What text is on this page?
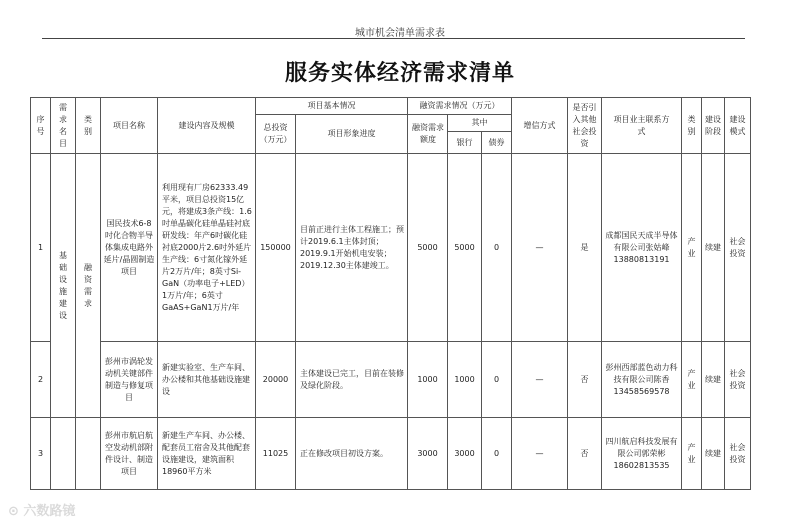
城市机会清单需求表
服务实体经济需求清单
序号	需求名目	类别	项目名称	建设内容及规模	项目基本情况		融资需求情况（万元）			增信方式	是否引入其他社会投资	项目业主联系方式	类别	建设阶段	建设模式
					总投资（万元）	项目形象进度	融资需求额度	其中							
								银行	债券						
1	基础设施建设	融资需求	国民技术6-8吋化合物半导体集成电路外延片/晶圆制造项目	利用现有厂房62333.49平米，项目总投资15亿元，将建成3条产线：1.6吋单晶碳化硅单晶硅衬底研发线：年产6吋碳化硅衬底2000片2.6吋外延片生产线：6寸氮化镓外延片2万片/年；8英寸Si-GaN（功率电子+LED）1万片/年；6英寸GaAS+GaN1万片/年	150000	目前正进行主体工程施工；预计2019.6.1主体封顶；2019.9.1开始机电安装；2019.12.30主体建竣工。	5000	5000	0	—	是	成都国民天成半导体有限公司张姑峰13880813191	产业	续建	社会投资
2			彭州市涡轮发动机关键部件制造与修复项目	新建实验室、生产车间、办公楼和其他基础设施建设	20000	主体建设已完工，目前在装修及绿化阶段。	1000	1000	0	—	否	彭州西部蓝色动力科技有限公司陈香13458569578	产业	续建	社会投资
3			彭州市航启航空发动机部附件设计、制造项目	新建生产车间、办公楼、配套员工宿舍及其他配套设施建设，建筑面积18960平方米	11025	正在修改项目初设方案。	3000	3000	0	—	否	四川航启科技发展有限公司郭荣彬18602813535	产业	续建	社会投资
⊙ 六数路镜
